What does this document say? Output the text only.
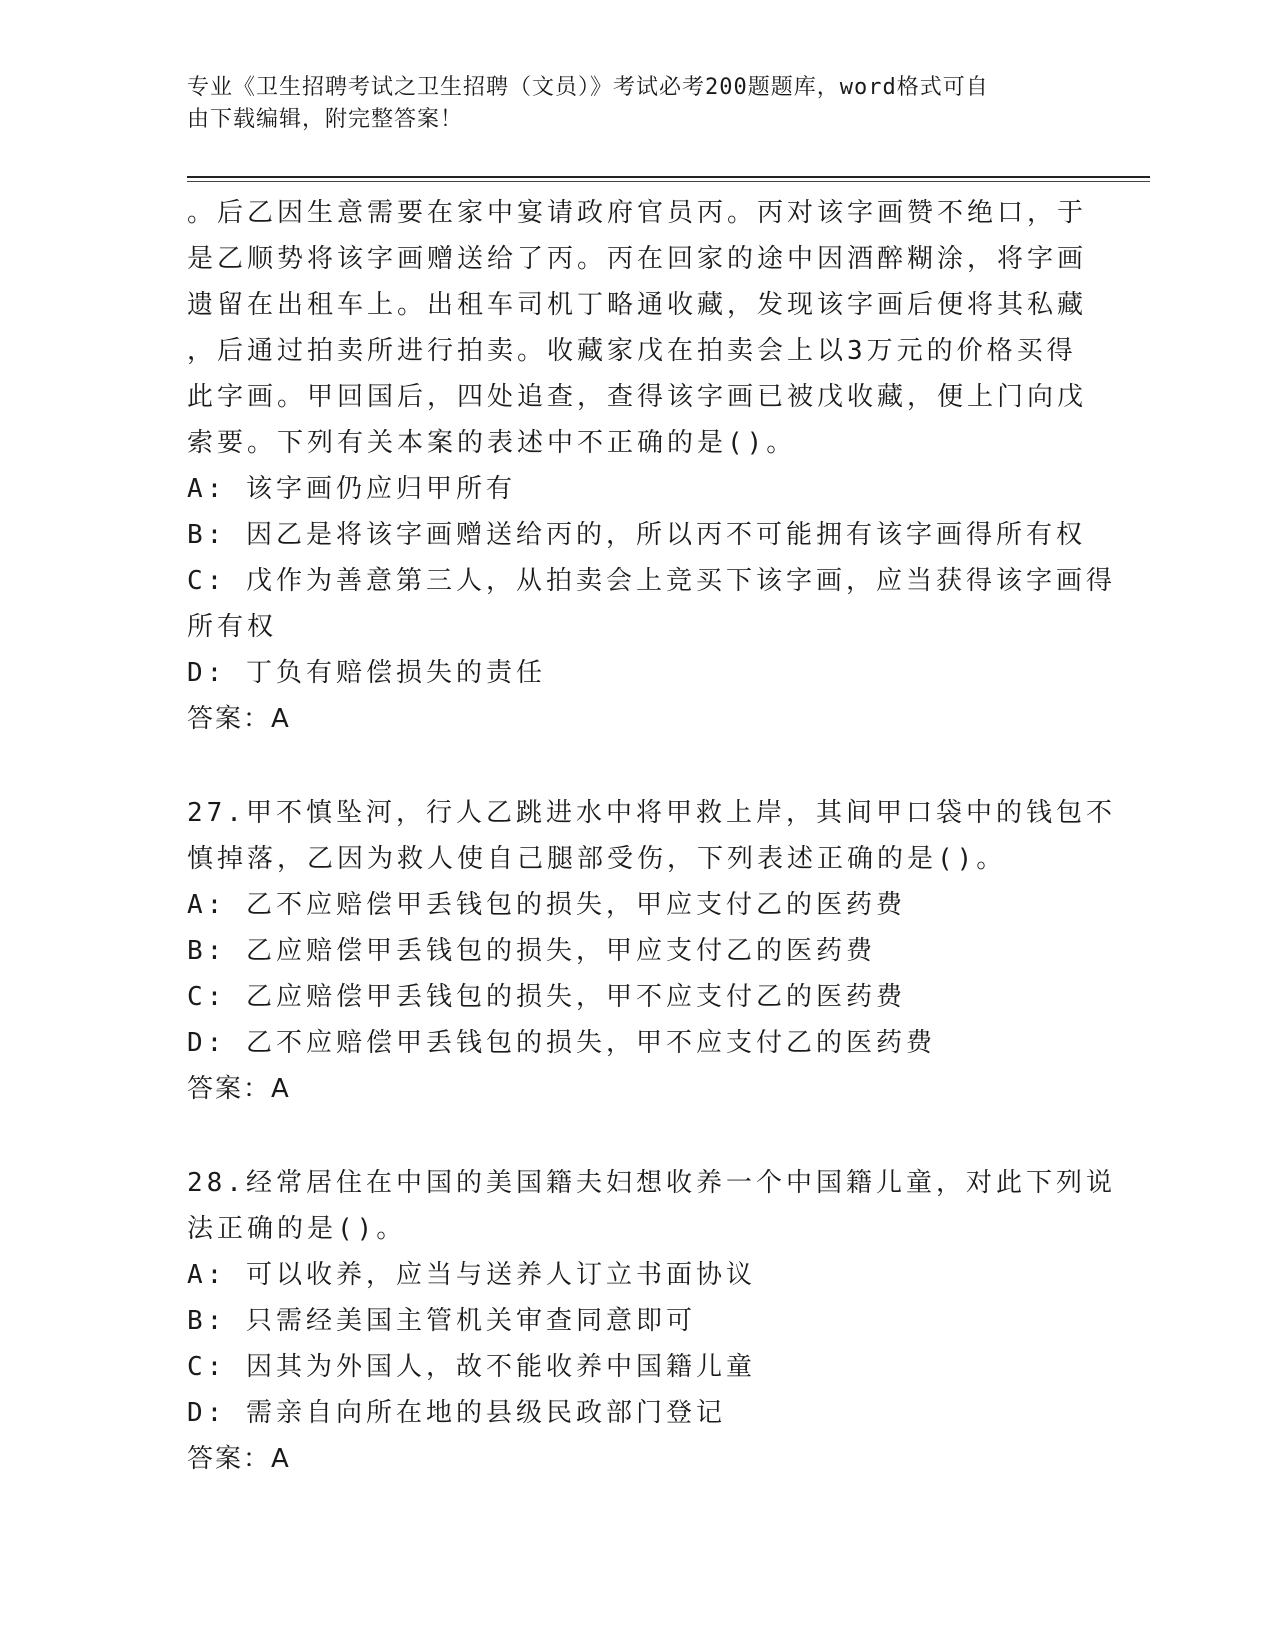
专业《卫生招聘考试之卫生招聘（文员）》考试必考200题题库，word格式可自
由下载编辑，附完整答案！
。后乙因生意需要在家中宴请政府官员丙。丙对该字画赞不绝口，于
是乙顺势将该字画赠送给了丙。丙在回家的途中因酒醉糊涂，将字画
遗留在出租车上。出租车司机丁略通收藏，发现该字画后便将其私藏
，后通过拍卖所进行拍卖。收藏家戊在拍卖会上以3万元的价格买得
此字画。甲回国后，四处追查，查得该字画已被戊收藏，便上门向戊
索要。下列有关本案的表述中不正确的是()。
A: 该字画仍应归甲所有
B: 因乙是将该字画赠送给丙的，所以丙不可能拥有该字画得所有权
C: 戊作为善意第三人，从拍卖会上竞买下该字画，应当获得该字画得
所有权
D: 丁负有赔偿损失的责任
答案：A
27.甲不慎坠河，行人乙跳进水中将甲救上岸，其间甲口袋中的钱包不
慎掉落，乙因为救人使自己腿部受伤，下列表述正确的是()。
A: 乙不应赔偿甲丢钱包的损失，甲应支付乙的医药费
B: 乙应赔偿甲丢钱包的损失，甲应支付乙的医药费
C: 乙应赔偿甲丢钱包的损失，甲不应支付乙的医药费
D: 乙不应赔偿甲丢钱包的损失，甲不应支付乙的医药费
答案：A
28.经常居住在中国的美国籍夫妇想收养一个中国籍儿童，对此下列说
法正确的是()。
A: 可以收养，应当与送养人订立书面协议
B: 只需经美国主管机关审查同意即可
C: 因其为外国人，故不能收养中国籍儿童
D: 需亲自向所在地的县级民政部门登记
答案：A
